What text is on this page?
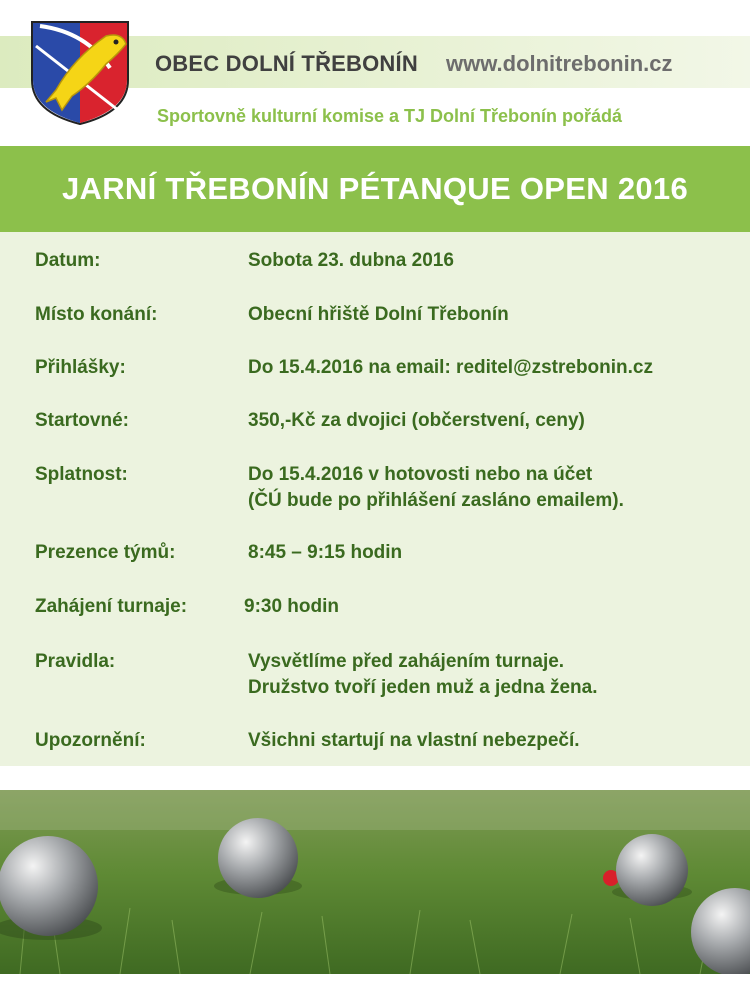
OBEC DOLNÍ TŘEBONÍN www.dolnitrebonin.cz
Sportovně kulturní komise a TJ Dolní Třebonín pořádá
JARNÍ TŘEBONÍN PÉTANQUE OPEN 2016
Datum:	Sobota 23. dubna 2016
Místo konání:	Obecní hřiště Dolní Třebonín
Přihlášky:	Do 15.4.2016 na email: reditel@zstrebonin.cz
Startovné:	350,-Kč za dvojici (občerstvení, ceny)
Splatnost:	Do 15.4.2016 v hotovosti nebo na účet
(ČÚ bude po přihlášení zasláno emailem).
Prezence týmů:	8:45 – 9:15 hodin
Zahájení turnaje:	9:30 hodin
Pravidla:	Vysvětlíme před zahájením turnaje.
Družstvo tvoří jeden muž a jedna žena.
Upozornění:	Všichni startují na vlastní nebezpečí.
